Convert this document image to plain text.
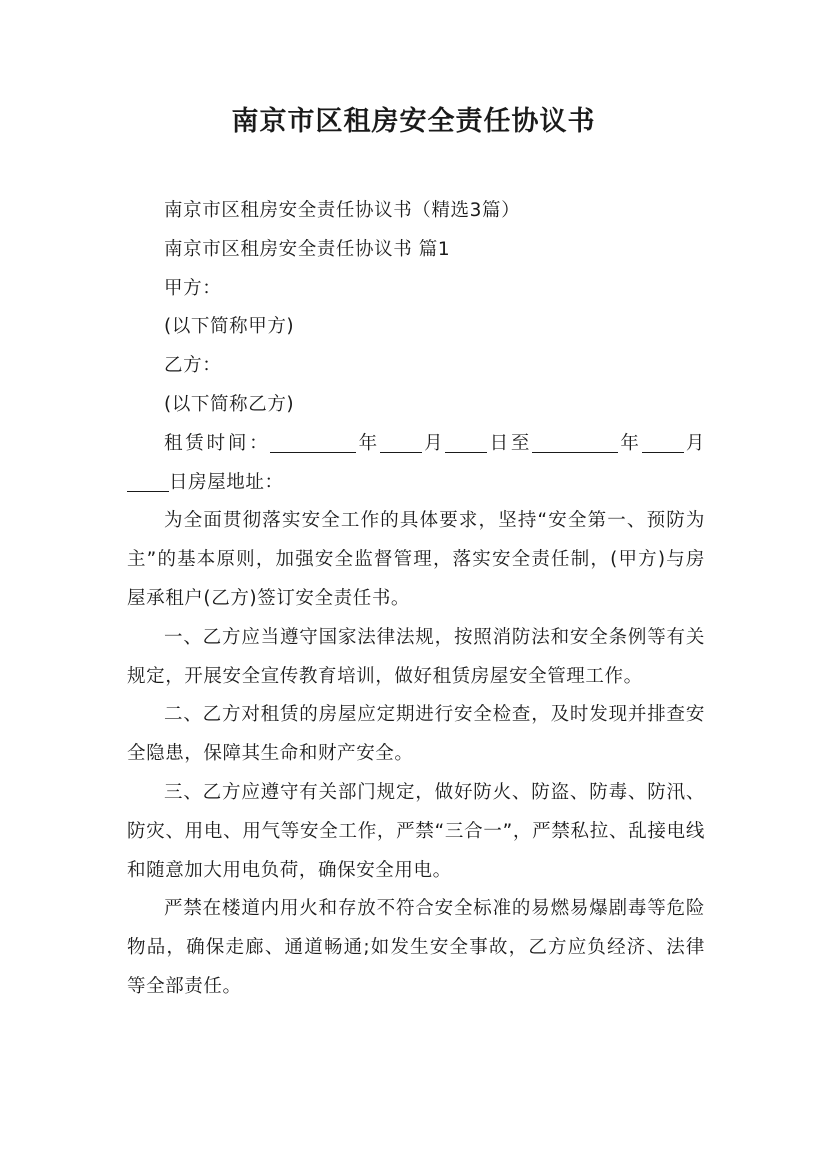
南京市区租房安全责任协议书

南京市区租房安全责任协议书（精选3篇）

南京市区租房安全责任协议书 篇1

甲方：

(以下简称甲方)

乙方：

(以下简称乙方)

租赁时间：	年 月 日至	年 月日房屋地址：

为全面贯彻落实安全工作的具体要求，坚持“安全第一、预防为主”的基本原则，加强安全监督管理，落实安全责任制，(甲方)与房屋承租户(乙方)签订安全责任书。

一、乙方应当遵守国家法律法规，按照消防法和安全条例等有关规定，开展安全宣传教育培训，做好租赁房屋安全管理工作。

二、乙方对租赁的房屋应定期进行安全检查，及时发现并排查安全隐患，保障其生命和财产安全。

三、乙方应遵守有关部门规定，做好防火、防盗、防毒、防汛、防灾、用电、用气等安全工作，严禁“三合一”，严禁私拉、乱接电线和随意加大用电负荷，确保安全用电。

严禁在楼道内用火和存放不符合安全标准的易燃易爆剧毒等危险物品，确保走廊、通道畅通;如发生安全事故，乙方应负经济、法律等全部责任。
